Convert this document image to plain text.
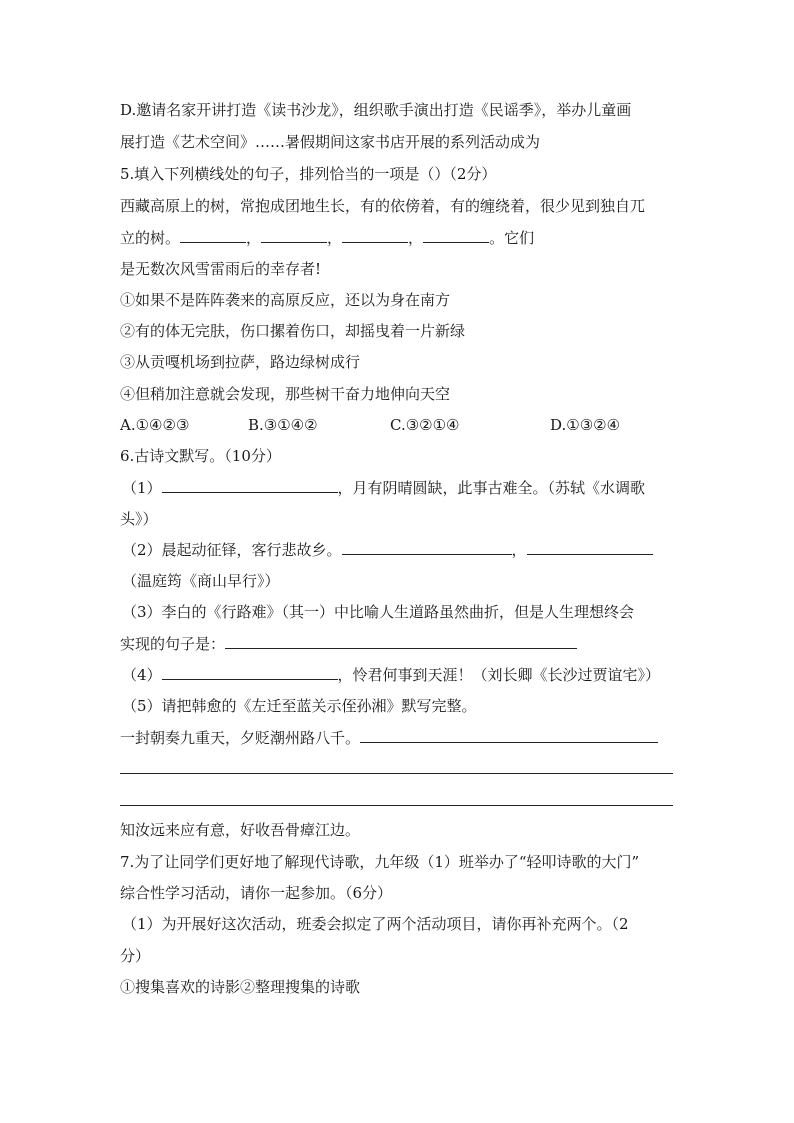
D.邀请名家开讲打造《读书沙龙》，组织歌手演出打造《民谣季》，举办儿童画
展打造《艺术空间》……暑假期间这家书店开展的系列活动成为
5.填入下列横线处的句子，排列恰当的一项是（）（2分）
西藏高原上的树，常抱成团地生长，有的依傍着，有的缠绕着，很少见到独自兀
立的树。	，	，	，	。它们
是无数次风雪雷雨后的幸存者!
①如果不是阵阵袭来的高原反应，还以为身在南方
②有的体无完肤，伤口摞着伤口，却摇曳着一片新绿
③从贡嘎机场到拉萨，路边绿树成行
④但稍加注意就会发现，那些树干奋力地伸向天空
A.①④②③	B.③①④②	C.③②①④	D.①③②④
6.古诗文默写。（10分）
（1）	，月有阴晴圆缺，此事古难全。（苏轼《水调歌
头》）
（2）晨起动征铎，客行悲故乡。	，
（温庭筠《商山早行》）
（3）李白的《行路难》（其一）中比喻人生道路虽然曲折，但是人生理想终会
实现的句子是：
（4）	，怜君何事到天涯！（刘长卿《长沙过贾谊宅》）
（5）请把韩愈的《左迁至蓝关示侄孙湘》默写完整。
一封朝奏九重天，夕贬潮州路八千。
知汝远来应有意，好收吾骨瘴江边。
7.为了让同学们更好地了解现代诗歌，九年级（1）班举办了“轻叩诗歌的大门”
综合性学习活动，请你一起参加。（6分）
（1）为开展好这次活动，班委会拟定了两个活动项目，请你再补充两个。（2
分）
①搜集喜欢的诗影②整理搜集的诗歌
